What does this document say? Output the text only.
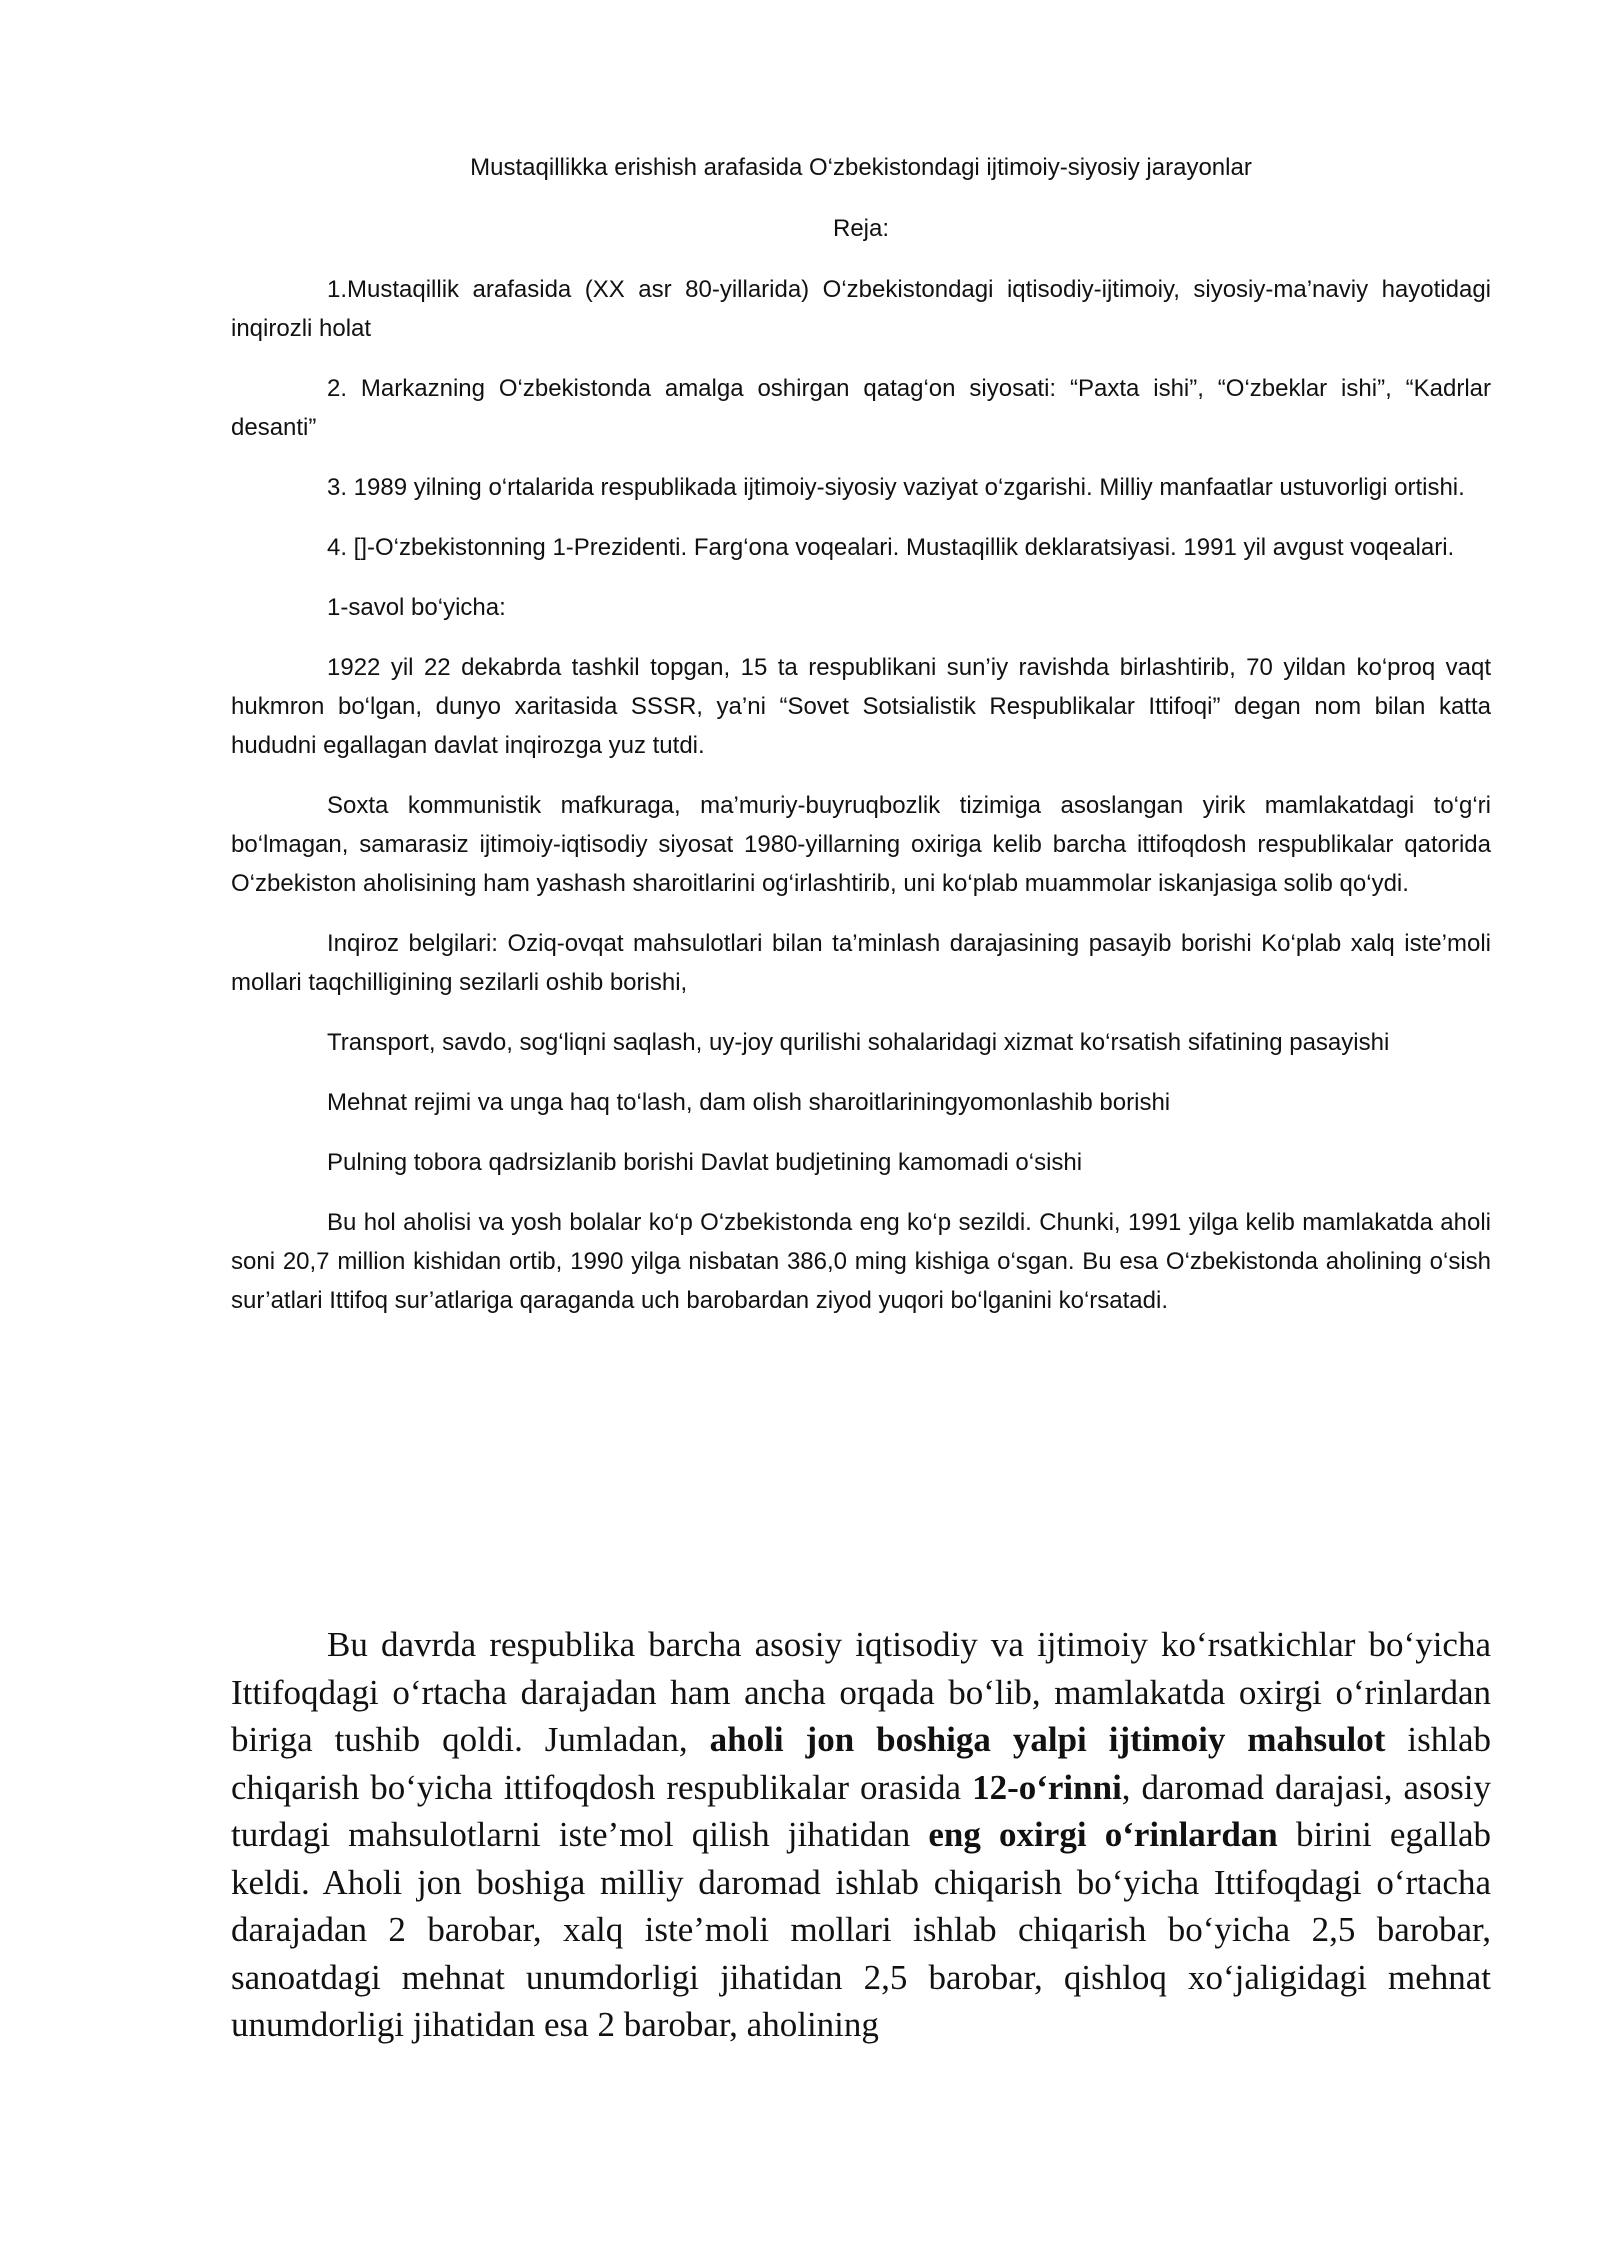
Mustaqillikka erishish arafasida O‘zbekistondagi ijtimoiy-siyosiy jarayonlar

Reja:

1.Mustaqillik arafasida (XX asr 80-yillarida) O‘zbekistondagi iqtisodiy-ijtimoiy, siyosiy-ma’naviy hayotidagi inqirozli holat

2. Markazning O‘zbekistonda amalga oshirgan qatag‘on siyosati: “Paxta ishi”, “O‘zbeklar ishi”, “Kadrlar desanti”

3. 1989 yilning o‘rtalarida respublikada ijtimoiy-siyosiy vaziyat o‘zgarishi. Milliy manfaatlar ustuvorligi ortishi.

4. []-O‘zbekistonning 1-Prezidenti. Farg‘ona voqealari. Mustaqillik deklaratsiyasi. 1991 yil avgust voqealari.

1-savol bo‘yicha:

1922 yil 22 dekabrda tashkil topgan, 15 ta respublikani sun’iy ravishda birlashtirib, 70 yildan ko‘proq vaqt hukmron bo‘lgan, dunyo xaritasida SSSR, ya’ni “Sovet Sotsialistik Respublikalar Ittifoqi” degan nom bilan katta hududni egallagan davlat inqirozga yuz tutdi.

Soxta kommunistik mafkuraga, ma’muriy-buyruqbozlik tizimiga asoslangan yirik mamlakatdagi to‘g‘ri bo‘lmagan, samarasiz ijtimoiy-iqtisodiy siyosat 1980-yillarning oxiriga kelib barcha ittifoqdosh respublikalar qatorida O‘zbekiston aholisining ham yashash sharoitlarini og‘irlashtirib, uni ko‘plab muammolar iskanjasiga solib qo‘ydi.

Inqiroz belgilari: Oziq-ovqat mahsulotlari bilan ta’minlash darajasining pasayib borishi Ko‘plab xalq iste’moli mollari taqchilligining sezilarli oshib borishi,

Transport, savdo, sog‘liqni saqlash, uy-joy qurilishi sohalaridagi xizmat ko‘rsatish sifatining pasayishi

Mehnat rejimi va unga haq to‘lash, dam olish sharoitlariningyomonlashib borishi

Pulning tobora qadrsizlanib borishi Davlat budjetining kamomadi o‘sishi

Bu hol aholisi va yosh bolalar ko‘p O‘zbekistonda eng ko‘p sezildi. Chunki, 1991 yilga kelib mamlakatda aholi soni 20,7 million kishidan ortib, 1990 yilga nisbatan 386,0 ming kishiga o‘sgan. Bu esa O‘zbekistonda aholining o‘sish sur’atlari Ittifoq sur’atlariga qaraganda uch barobardan ziyod yuqori bo‘lganini ko‘rsatadi.

Bu davrda respublika barcha asosiy iqtisodiy va ijtimoiy ko‘rsatkichlar bo‘yicha Ittifoqdagi o‘rtacha darajadan ham ancha orqada bo‘lib, mamlakatda oxirgi o‘rinlardan biriga tushib qoldi. Jumladan, aholi jon boshiga yalpi ijtimoiy mahsulot ishlab chiqarish bo‘yicha ittifoqdosh respublikalar orasida 12-o‘rinni, daromad darajasi, asosiy turdagi mahsulotlarni iste’mol qilish jihatidan eng oxirgi o‘rinlardan birini egallab keldi. Aholi jon boshiga milliy daromad ishlab chiqarish bo‘yicha Ittifoqdagi o‘rtacha darajadan 2 barobar, xalq iste’moli mollari ishlab chiqarish bo‘yicha 2,5 barobar, sanoatdagi mehnat unumdorligi jihatidan 2,5 barobar, qishloq xo‘jaligidagi mehnat unumdorligi jihatidan esa 2 barobar, aholining
